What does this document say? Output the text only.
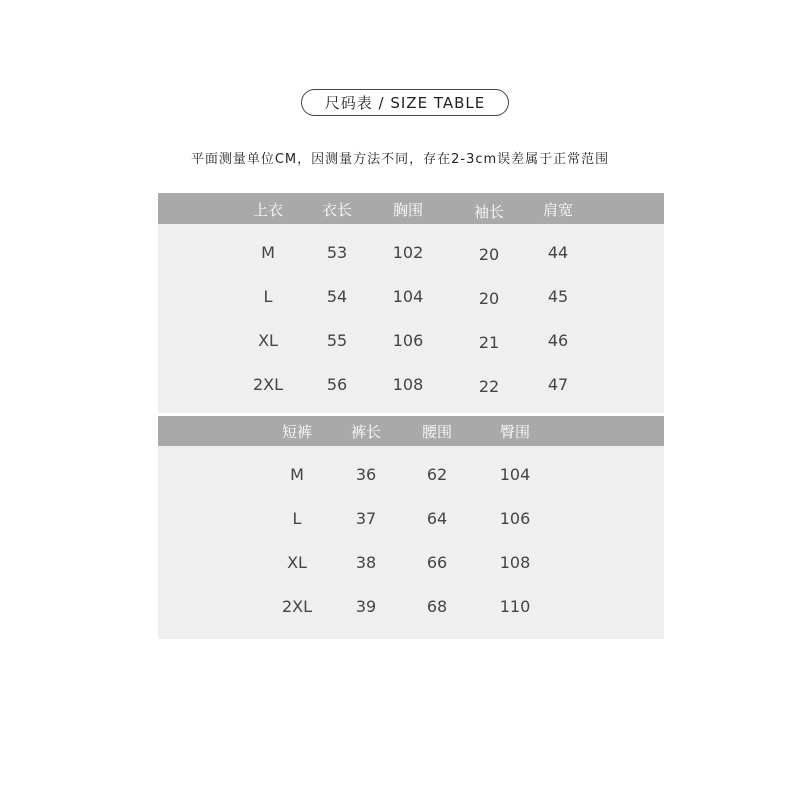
尺码表 / SIZE TABLE
平面测量单位CM，因测量方法不同，存在2-3cm误差属于正常范围
上衣	衣长	胸围	袖长	肩宽
M	53	102	20	44
L	54	104	20	45
XL	55	106	21	46
2XL	56	108	22	47
短裤	裤长	腰围	臀围
M	36	62	104
L	37	64	106
XL	38	66	108
2XL	39	68	110
